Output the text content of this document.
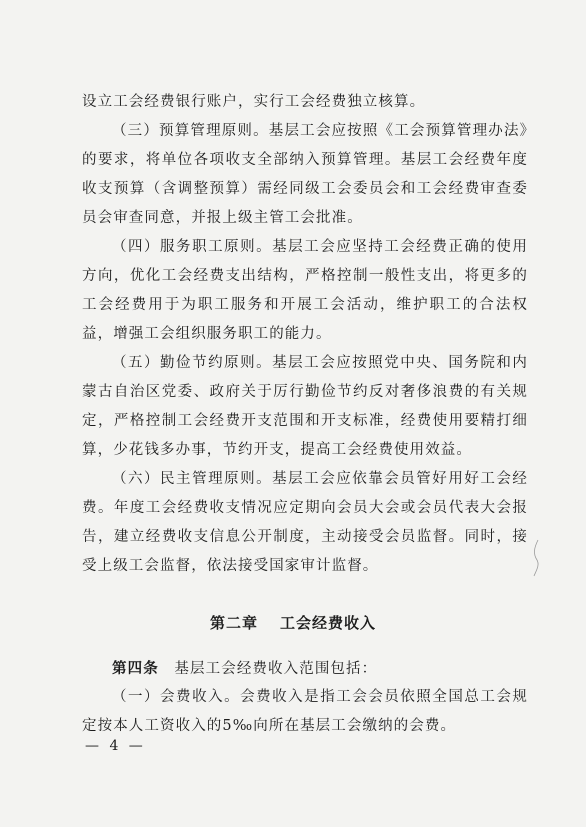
设立工会经费银行账户，实行工会经费独立核算。

（三）预算管理原则。基层工会应按照《工会预算管理办法》的要求，将单位各项收支全部纳入预算管理。基层工会经费年度收支预算（含调整预算）需经同级工会委员会和工会经费审查委员会审查同意，并报上级主管工会批准。

（四）服务职工原则。基层工会应坚持工会经费正确的使用方向，优化工会经费支出结构，严格控制一般性支出，将更多的工会经费用于为职工服务和开展工会活动，维护职工的合法权益，增强工会组织服务职工的能力。

（五）勤俭节约原则。基层工会应按照党中央、国务院和内蒙古自治区党委、政府关于厉行勤俭节约反对奢侈浪费的有关规定，严格控制工会经费开支范围和开支标准，经费使用要精打细算，少花钱多办事，节约开支，提高工会经费使用效益。

（六）民主管理原则。基层工会应依靠会员管好用好工会经费。年度工会经费收支情况应定期向会员大会或会员代表大会报告，建立经费收支信息公开制度，主动接受会员监督。同时，接受上级工会监督，依法接受国家审计监督。

第二章 工会经费收入

第四条　 基层工会经费收入范围包括：

（一）会费收入。会费收入是指工会会员依照全国总工会规定按本人工资收入的5‰向所在基层工会缴纳的会费。

— 4 —
